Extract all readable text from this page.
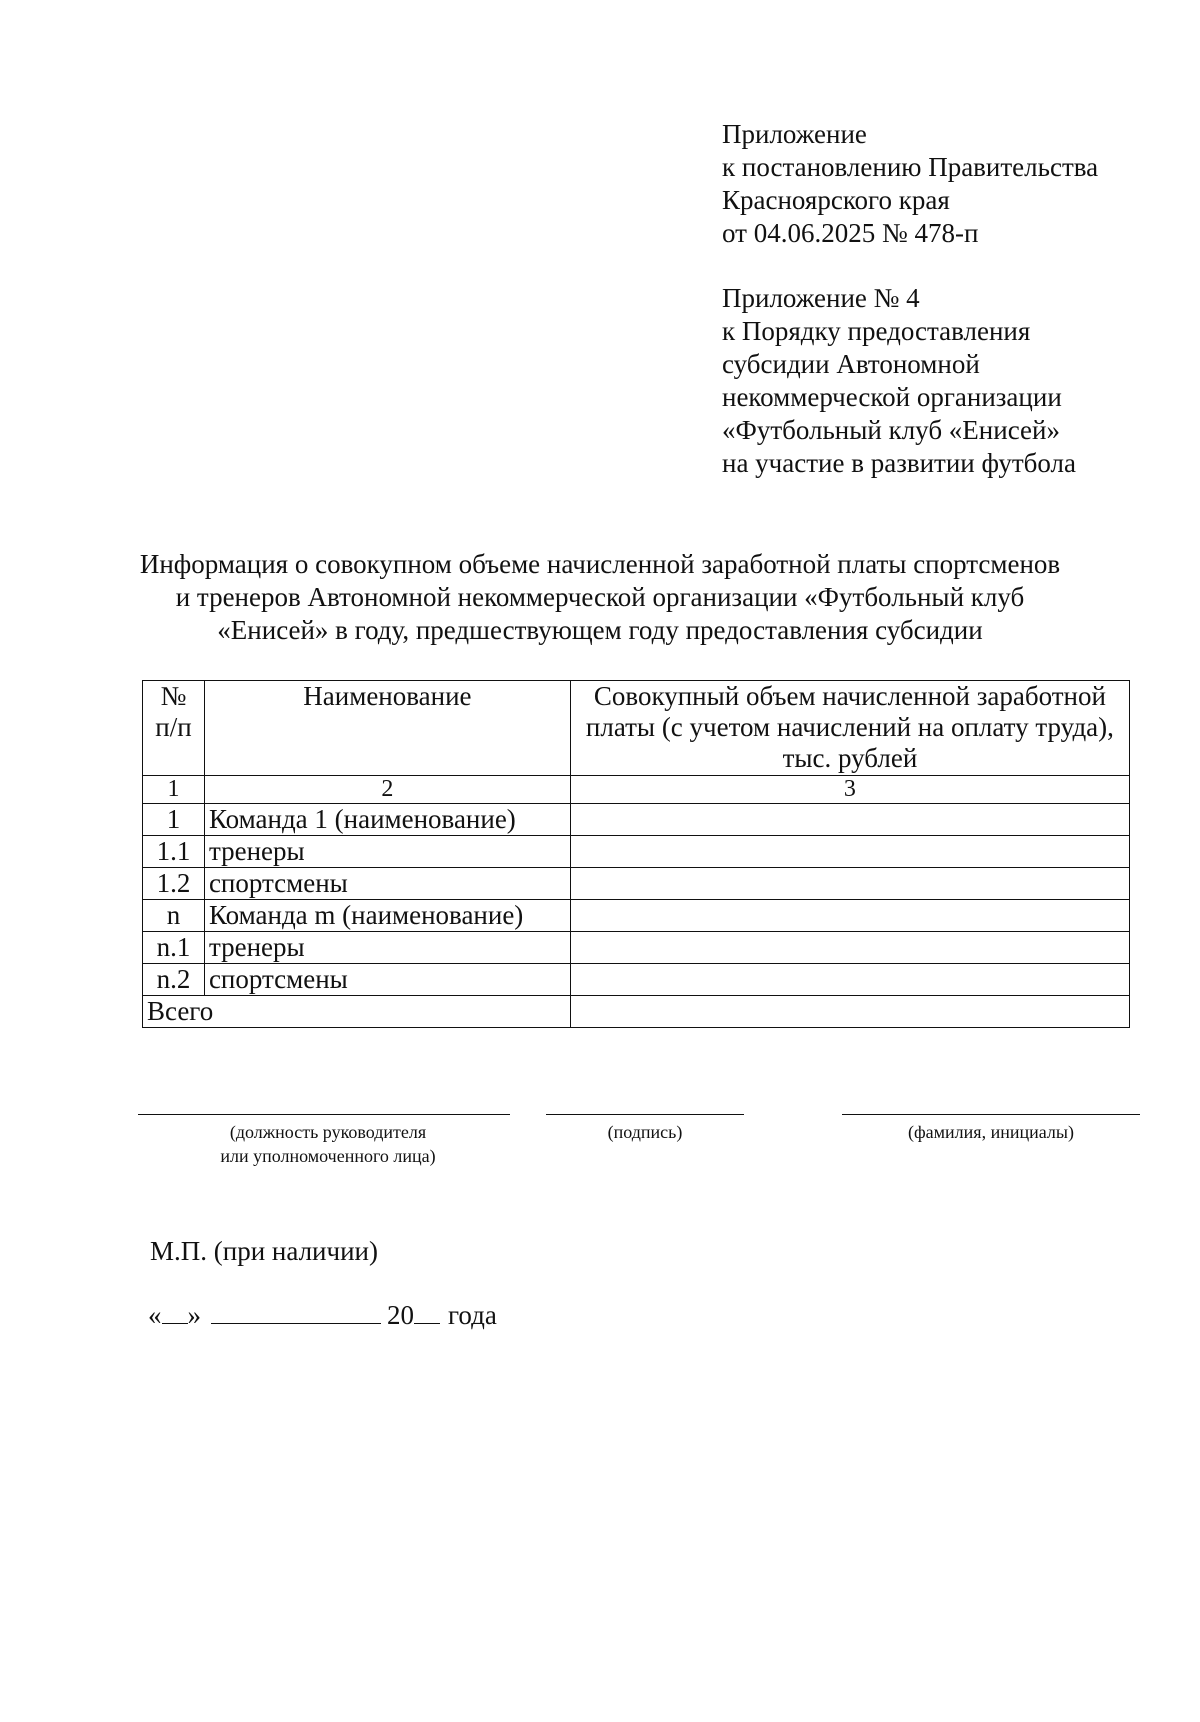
Приложение
к постановлению Правительства
Красноярского края
от 04.06.2025 № 478-п
Приложение № 4
к Порядку предоставления
субсидии Автономной
некоммерческой организации
«Футбольный клуб «Енисей»
на участие в развитии футбола
Информация о совокупном объеме начисленной заработной платы спортсменов
и тренеров Автономной некоммерческой организации «Футбольный клуб
«Енисей» в году, предшествующем году предоставления субсидии
№
п/п	Наименование	Совокупный объем начисленной заработной платы (с учетом начислений на оплату труда), тыс. рублей
1	2	3
1	Команда 1 (наименование)	
1.1	тренеры	
1.2	спортсмены	
n	Команда m (наименование)	
n.1	тренеры	
n.2	спортсмены	
Всего		
(должность руководителя
или уполномоченного лица)
(подпись)	(фамилия, инициалы)
М.П. (при наличии)
« »	20 года
